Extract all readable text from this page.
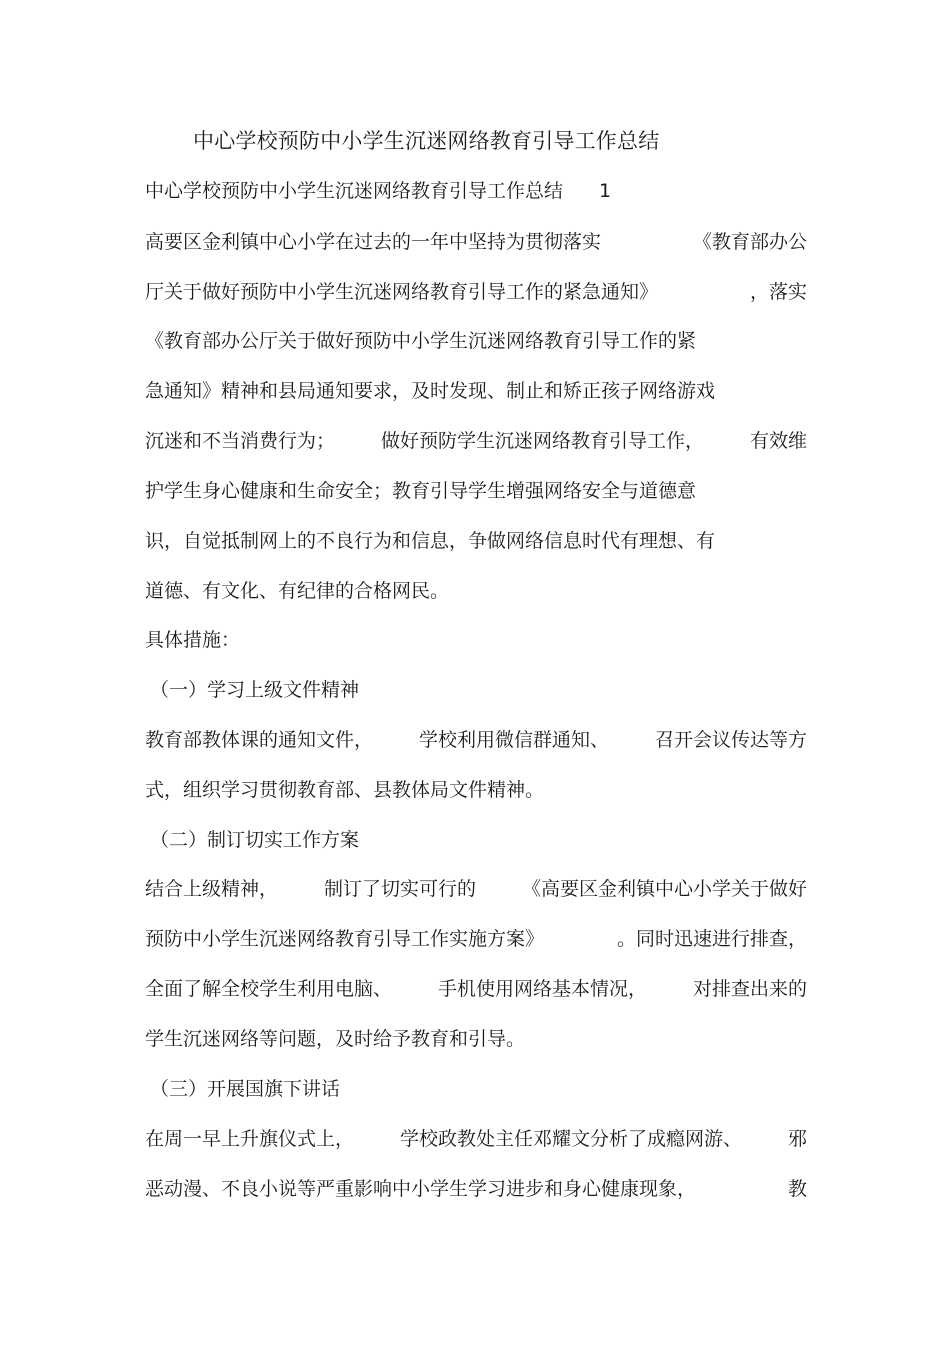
中心学校预防中小学生沉迷网络教育引导工作总结
中心学校预防中小学生沉迷网络教育引导工作总结 1
高要区金利镇中心小学在过去的一年中坚持为贯彻落实	《教育部办公
厅关于做好预防中小学生沉迷网络教育引导工作的紧急通知》	，落实
《教育部办公厅关于做好预防中小学生沉迷网络教育引导工作的紧
急通知》精神和县局通知要求，及时发现、制止和矫正孩子网络游戏
沉迷和不当消费行为； 做好预防学生沉迷网络教育引导工作， 有效维
护学生身心健康和生命安全；教育引导学生增强网络安全与道德意
识，自觉抵制网上的不良行为和信息，争做网络信息时代有理想、有
道德、有文化、有纪律的合格网民。
具体措施：
（一）学习上级文件精神
教育部教体课的通知文件， 学校利用微信群通知、 召开会议传达等方
式，组织学习贯彻教育部、县教体局文件精神。
（二）制订切实工作方案
结合上级精神， 制订了切实可行的 《高要区金利镇中心小学关于做好
预防中小学生沉迷网络教育引导工作实施方案》	。同时迅速进行排查，
全面了解全校学生利用电脑、 手机使用网络基本情况， 对排查出来的
学生沉迷网络等问题，及时给予教育和引导。
（三）开展国旗下讲话
在周一早上升旗仪式上， 学校政教处主任邓耀文分析了成瘾网游、 邪
恶动漫、不良小说等严重影响中小学生学习进步和身心健康现象，	教
